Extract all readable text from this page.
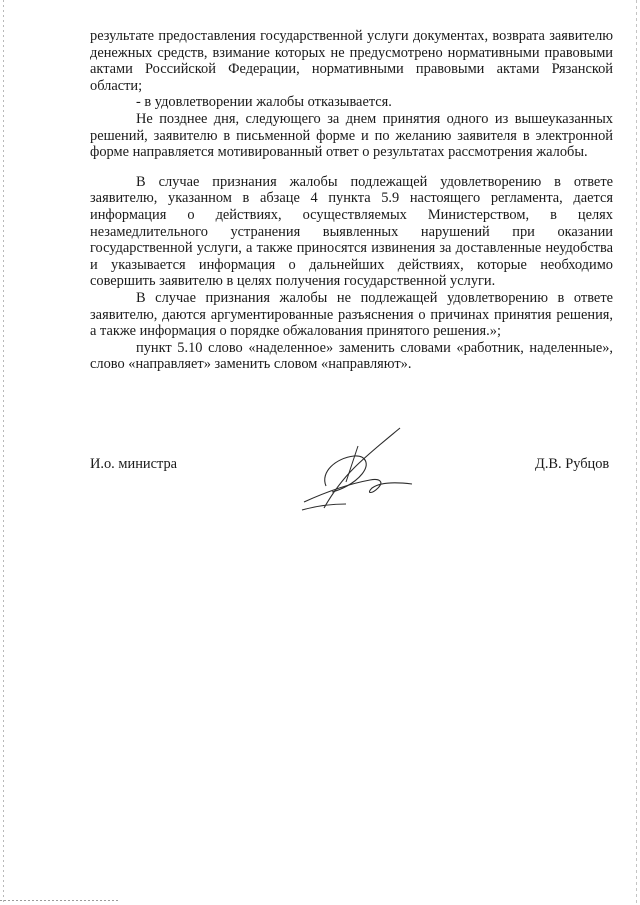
результате предоставления государственной услуги документах, возврата заявителю денежных средств, взимание которых не предусмотрено нормативными правовыми актами Российской Федерации, нормативными правовыми актами Рязанской области;

- в удовлетворении жалобы отказывается.

Не позднее дня, следующего за днем принятия одного из вышеуказанных решений, заявителю в письменной форме и по желанию заявителя в электронной форме направляется мотивированный ответ о результатах рассмотрения жалобы.

В случае признания жалобы подлежащей удовлетворению в ответе заявителю, указанном в абзаце 4 пункта 5.9 настоящего регламента, дается информация о действиях, осуществляемых Министерством, в целях незамедлительного устранения выявленных нарушений при оказании государственной услуги, а также приносятся извинения за доставленные неудобства и указывается информация о дальнейших действиях, которые необходимо совершить заявителю в целях получения государственной услуги.

В случае признания жалобы не подлежащей удовлетворению в ответе заявителю, даются аргументированные разъяснения о причинах принятия решения, а также информация о порядке обжалования принятого решения.»;

пункт 5.10 слово «наделенное» заменить словами «работник, наделенные», слово «направляет» заменить словом «направляют».

И.о. министра	Д.В. Рубцов
